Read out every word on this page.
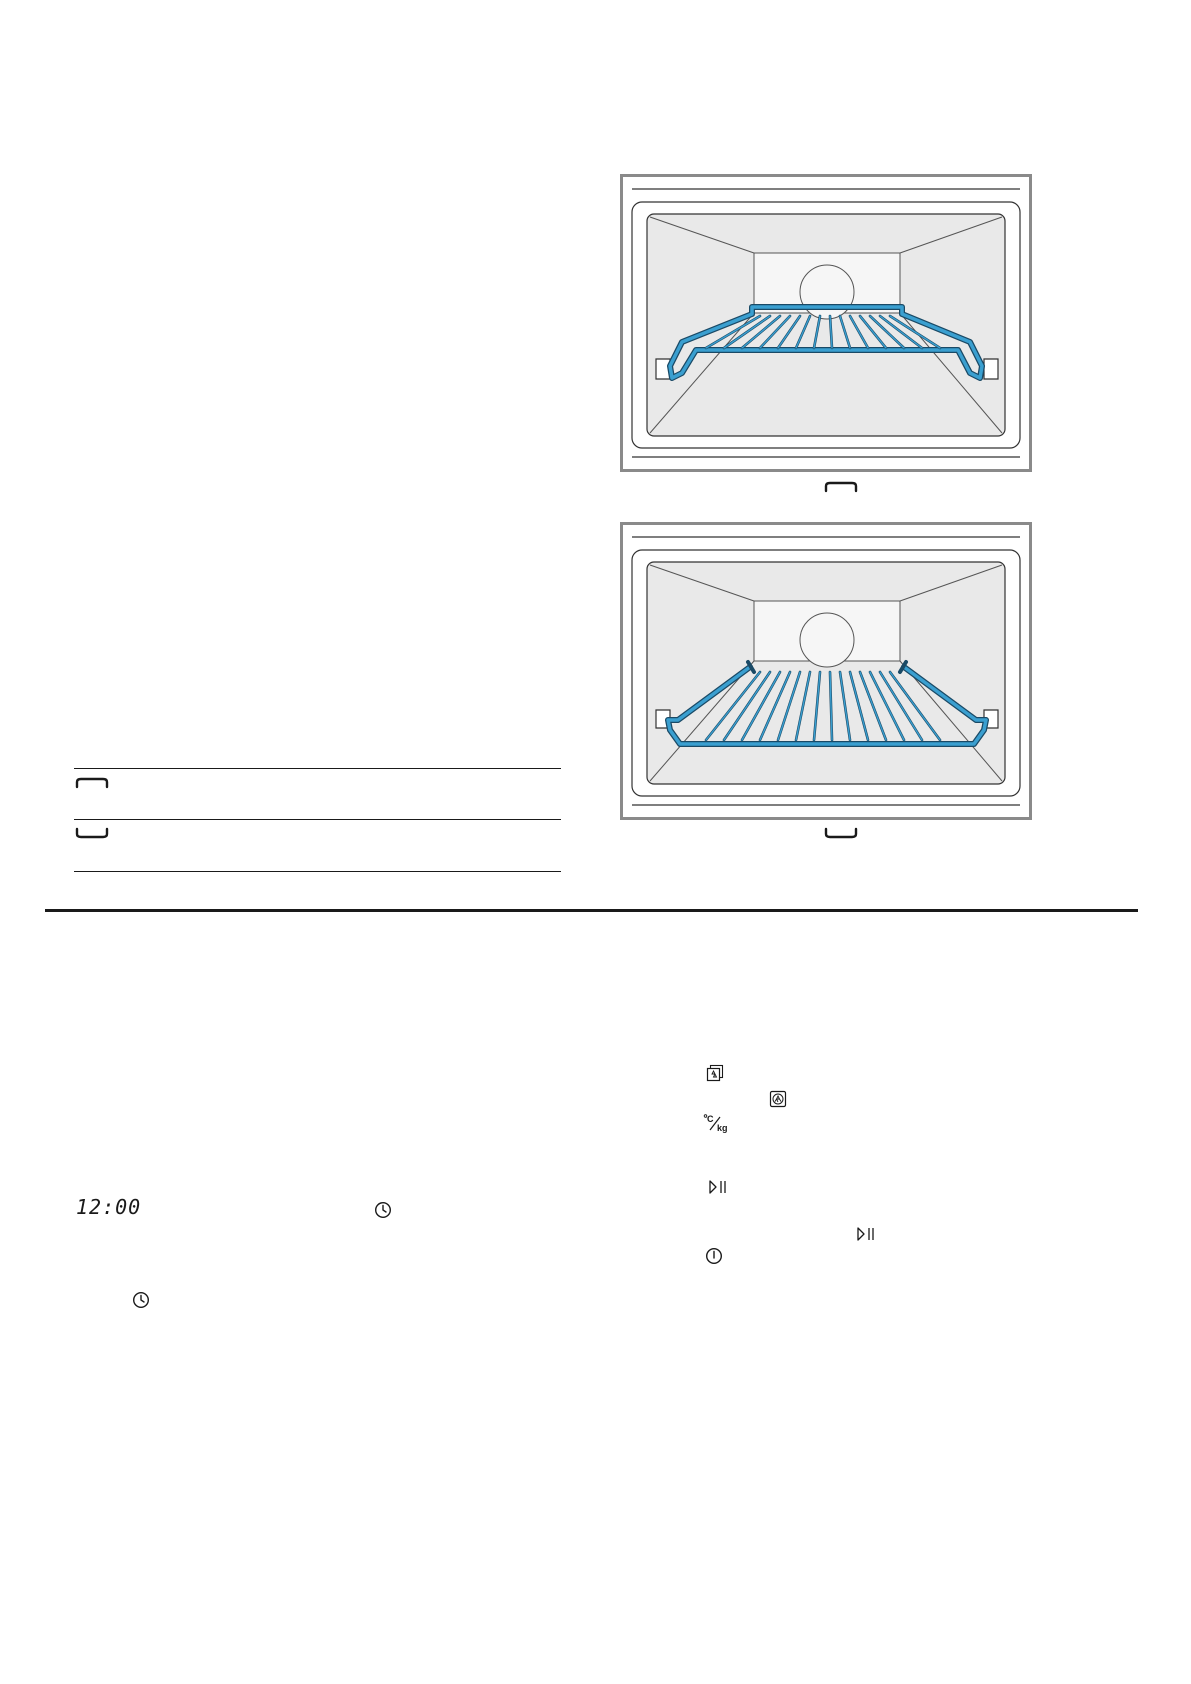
12:00
C
kg
